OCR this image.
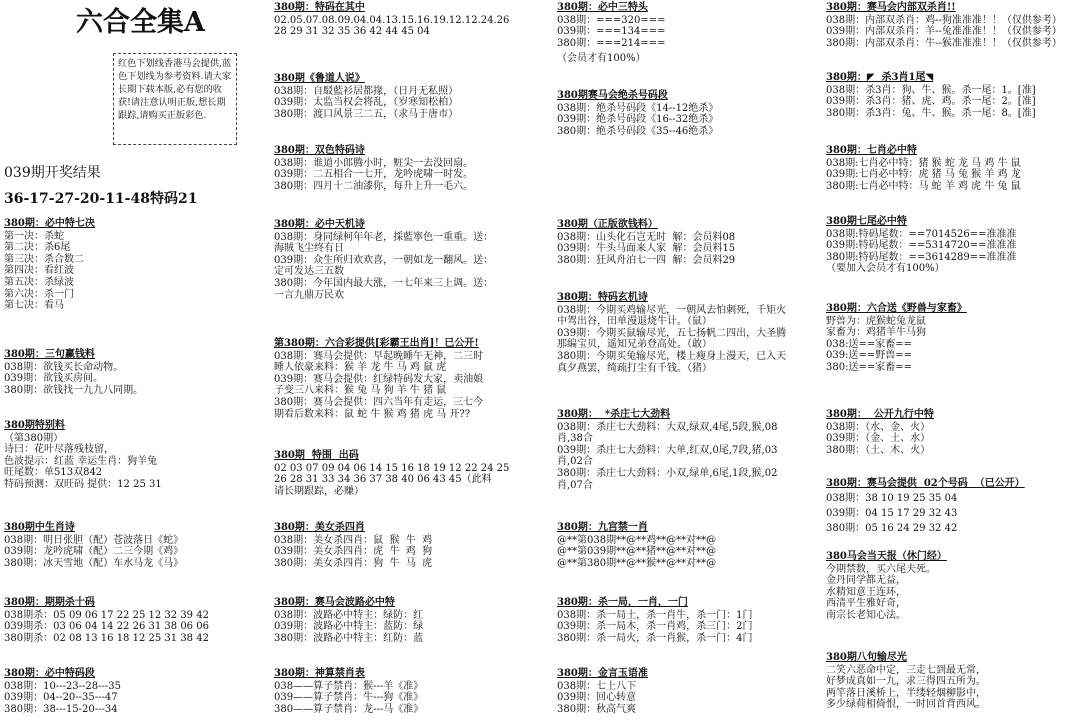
六合全集A
红色下划线香港马会提供,蓝色下划线为参考资料.请大家长期下载本版,必有您的收获!请注意认明正版,想长期跟踪,请购买正版彩色.
039期开奖结果
36-17-27-20-11-48特码21
380期：必中特七决
第一决：杀蛇
第二决：杀6尾
第三决：杀合数二
第四决：看红波
第五决：杀绿波
第六决：杀一门
第七决：看马
380期：三句赢钱料
038期：欲钱买长命动物。
039期：欲钱买房间。
380期：欲钱找一九九八同期。
380期特别料
（第380期）
诗曰：花叶尽落残枝留，
色波提示：红蓝 幸运生肖：狗羊兔
旺尾数：单513双842
特码预测：双旺码 提供：12 25 31
380期中生肖诗
038期：明日张胆（配）苍波落日《蛇》
039期：龙吟虎啸（配）二三今期《鸡》
380期：冰天雪地（配）车水马龙《马》
380期：期期杀十码
038期杀：05 09 06 17 22 25 12 32 39 42
039期杀：03 06 04 14 22 26 31 38 06 06
380期杀：02 08 13 16 18 12 25 31 38 42
380期：必中特码段
038期：10---23--28---35
039期：04--20--35---47
380期：38---15-20---34
380期：特码在其中
02.05.07.08.09.04.04.13.15.16.19.12.12.24.26
28 29 31 32 35 36 42 44 45 04
380期《鲁道人说》
038期：自駁藍衫居都掾，（日月无私照）
039期：太监当权会将乱，（岁寒知松柏）
380期：渡口风景三二五，（求马于唐市）
380期：双色特码诗
038期：谁道小郎腾小时，赃尖一去没回扇。
039期：二五相合一七开，龙吟虎啸一时发。
380期：四月十二油漆你，每升上升一毛六。
380期：必中天机诗
038期：身同绿柯年年老，採藍寧色一重重。送：
海賊飞尘终有日
039期：众生所归欢欢喜，一朝如龙一翻风。送：
定可发达三五数
380期：今年国内最大涨，一七年来三上调。送：
一言九鼎万民欢
第380期：六合彩提供[彩霸王出肖]！已公开!
038期：赛马会提供：早起晚睡午无神，二三时
睡人依豪来料：猴 羊 龙 牛 马 鸡 鼠 虎
039期：赛马会提供：红绿特码发大家，卖油娘
子变三八来料：猴 兔 马 狗 羊 牛 猪 鼠
380期：赛马会提供：四六当年有走运，三七今
期看后数来料：鼠 蛇 牛 猴 鸡 猪 虎 马 开??
380期  特围  出码
02 03 07 09 04 06 14 15 16 18 19 12 22 24 25
26 28 31 33 34 36 37 38 40 06 43 45（此料
请长期跟踪，必赚）
380期：美女杀四肖
038期：美女杀四肖：鼠  猴  牛  鸡
039期：美女杀四肖：虎  牛  鸡  狗
380期：美女杀四肖：狗  牛  马  虎
380期：赛马会波路必中特
038期：波路必中特主：绿防：红
039期：波路必中特主：蓝防：绿
380期：波路必中特主：红防：蓝
380期：神算禁肖表
038——算子禁肖：猴---羊《准》
039——算子禁肖：牛---狗《准》
380——算子禁肖：龙---马《准》
380期：必中三特头
038期：===320===
039期：===134===
380期：===214===
（会员才有100%）
380期赛马会绝杀号码段
038期：绝杀号码段《14--12绝杀》
039期：绝杀号码段《16--32绝杀》
380期：绝杀号码段《35--46绝杀》
380期（正版欲钱料）
038期：山头化石岂无时  解：会员料08
039期：牛头马面来人家  解：会员料15
380期：狂风舟泊七一四  解：会员料29
380期：特码玄机诗
038期：今期买鸡输尽光，一朝风去怕刺死，千矩火
中驾出谷，田单漫退烧牛计。（鼠）
039期：今期买鼠输尽光，五七扬帆二四出，大圣腾
那编宝贝，遥知兄弟登高处。（敢）
380期：今期买兔输尽光，楼上瘦身上漫天，已入天
真夕燕罢，绮疏打尘有千钱。（猪）
380期：  *杀庄七大劲料
038期：杀庄七大劲料：大双,绿双,4尾,5段,猴,08
肖,38合
039期：杀庄七大劲料：大单,红双,0尾,7段,猪,03
肖,02合
380期：杀庄七大劲料：小双,绿单,6尾,1段,猴,02
肖,07合
380期：九宫禁一肖
@**第038期**@**鸡**@**对**@
@**第039期**@**猪**@**对**@
@**第380期**@**猴**@**对**@
380期：杀一局，一肖，一门
038期：杀一局土，杀一肖牛，杀一门：1门
039期：杀一局木，杀一肖鸡，杀三门：2门
380期：杀一局火，杀一肖猴，杀一门：4门
380期：金言玉语准
038期：七上八下
039期：回心转意
380期：秋高气爽
380期：赛马会内部双杀肖!!
038期：内部双杀肖：鸡--狗准准准！！（仅供参考）
039期：内部双杀肖：羊--兔准准准！！（仅供参考）
380期：内部双杀肖：牛--猴准准准！！（仅供参考）
380期：◤  杀3肖1尾◥
038期：杀3肖：狗、牛、猴。杀一尾：1。[准]
039期：杀3肖：猪、虎、鸡。杀一尾：2。[准]
380期：杀3肖：兔、牛、猴。杀一尾：8。[准]
380期：七肖必中特
038期:七肖必中特：猪 猴 蛇 龙 马 鸡 牛 鼠
039期:七肖必中特：虎 猪 马 兔 猴 羊 鸡 龙
380期:七肖必中特：马 蛇 羊 鸡 虎 牛 兔 鼠
380期七尾必中特
038期:特码尾数：==7014526==准准准
039期:特码尾数：==5314720==准准准
380期:特码尾数：==3614289==准准准
（要加入会员才有100%）
380期：六合送《野兽与家畜》
野兽为：虎猴蛇兔龙鼠
家畜为：鸡猪羊牛马狗
038:送==家畜==
039:送==野兽==
380:送==家畜==
380期：  公开九行中特
038期：（水、金、火）
039期：（金、土、水）
380期：（土、木、火）
380期：赛马会提供  02个号码  （已公开）
038期：38 10 19 25 35 04
039期：04 15 17 29 32 43
380期：05 16 24 29 32 42
380马会当天报（休门经）
今期禁数，买六尾夫死。
金丹同学都无益，
水精知意王连环，
西清平生雅好奇，
南宗长老知心法。
380期八句输尽光
二笑六恶命中定，三走七到最无常，
好梦成真如一九，求三得四五所为。
两竿落日溪桥上，半缕轻烟柳影中，
多少绿荷相倚恨，一时回首背西风。
